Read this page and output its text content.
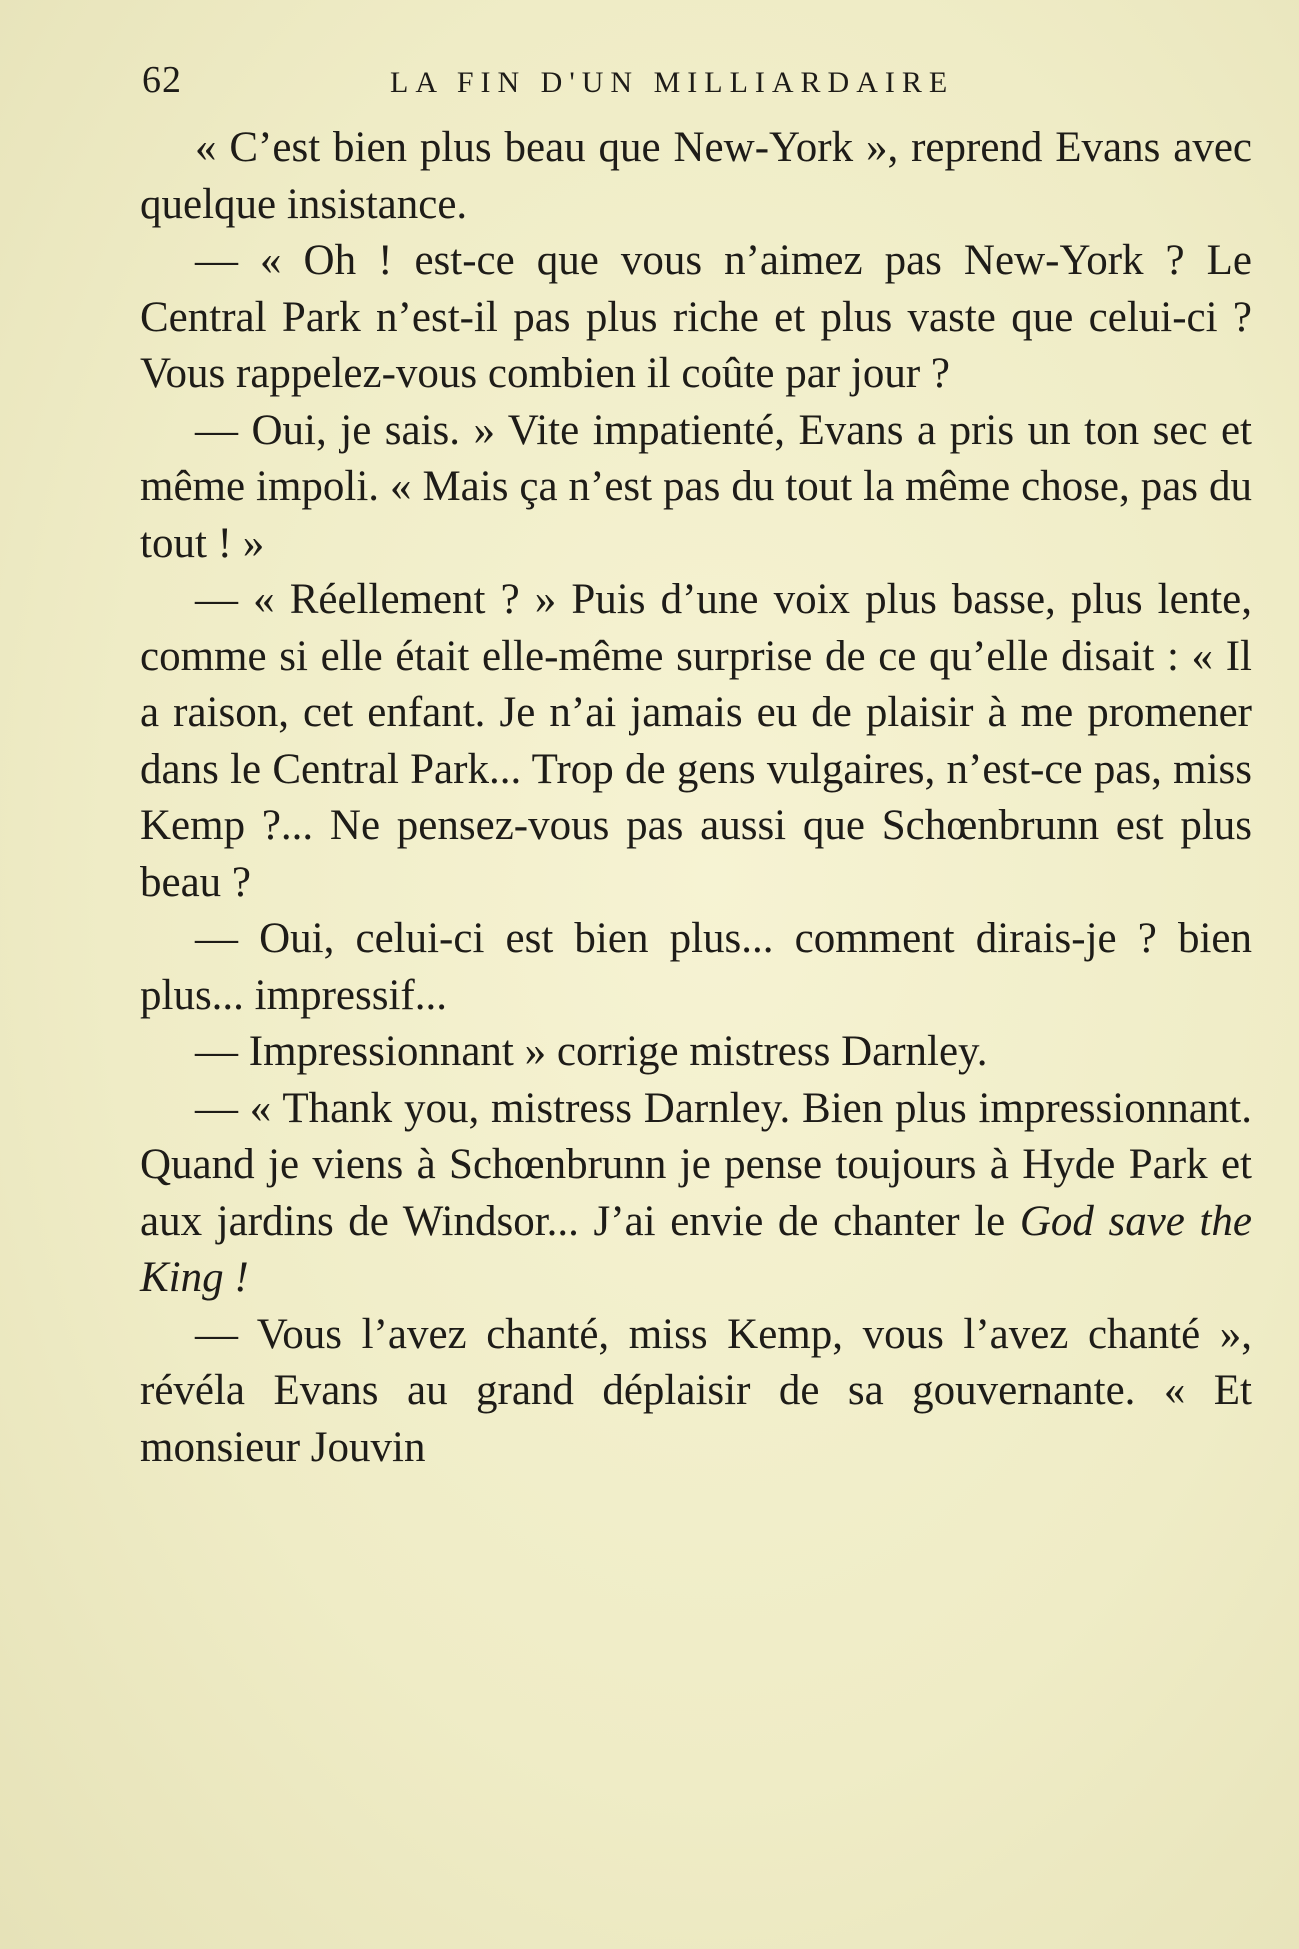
62	LA FIN D'UN MILLIARDAIRE

« C’est bien plus beau que New-York », reprend Evans avec quelque insistance.

— « Oh ! est-ce que vous n’aimez pas New-York ? Le Central Park n’est-il pas plus riche et plus vaste que celui-ci ? Vous rappelez-vous combien il coûte par jour ?

— Oui, je sais. » Vite impatienté, Evans a pris un ton sec et même impoli. « Mais ça n’est pas du tout la même chose, pas du tout ! »

— « Réellement ? » Puis d’une voix plus basse, plus lente, comme si elle était elle-même surprise de ce qu’elle disait : « Il a raison, cet enfant. Je n’ai jamais eu de plaisir à me promener dans le Central Park... Trop de gens vulgaires, n’est-ce pas, miss Kemp ?... Ne pensez-vous pas aussi que Schœnbrunn est plus beau ?

— Oui, celui-ci est bien plus... comment dirais-je ? bien plus... impressif...

— Impressionnant » corrige mistress Darnley.

— « Thank you, mistress Darnley. Bien plus impressionnant. Quand je viens à Schœnbrunn je pense toujours à Hyde Park et aux jardins de Windsor... J’ai envie de chanter le God save the King !

— Vous l’avez chanté, miss Kemp, vous l’avez chanté », révéla Evans au grand déplaisir de sa gouvernante. « Et monsieur Jouvin
